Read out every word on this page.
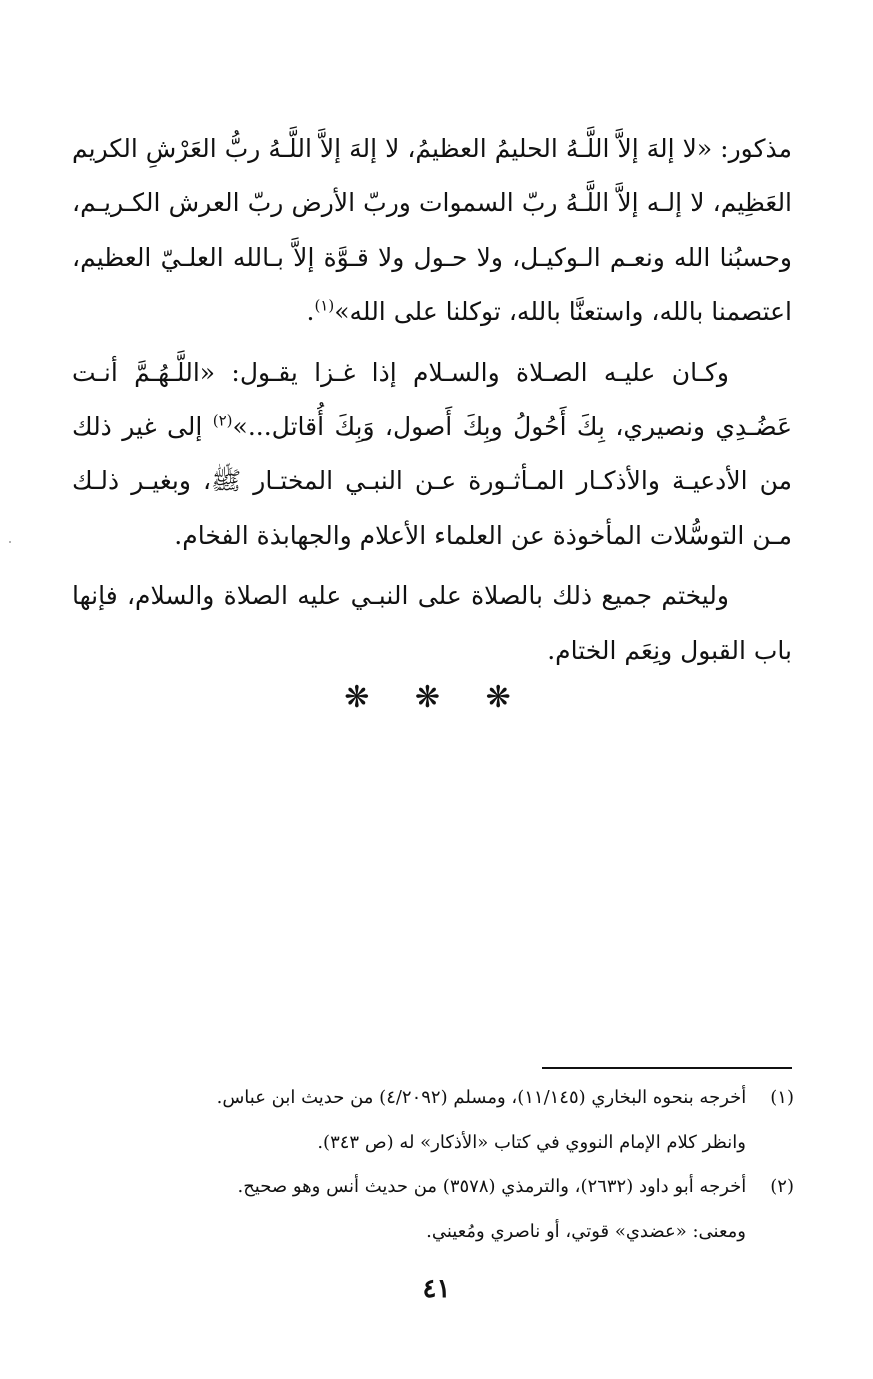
مذكور: «لا إلهَ إلاَّ اللَّـهُ الحليمُ العظيمُ، لا إلهَ إلاَّ اللَّـهُ ربُّ العَرْشِ الكريم العَظِيم، لا إلـه إلاَّ اللَّـهُ ربّ السموات وربّ الأرض ربّ العرش الكـريـم، وحسبُنا الله ونعـم الـوكيـل، ولا حـول ولا قـوَّة إلاَّ بـالله العلـيّ العظيم، اعتصمنا بالله، واستعنَّا بالله، توكلنا على الله»$^{(١)}$.

وكـان عليـه الصـلاة والسـلام إذا غـزا يقـول: «اللَّـهُـمَّ أنـت عَضُـدِي ونصيري، بِكَ أَحُولُ وبِكَ أَصول، وَبِكَ أُقاتل...»$^{(٢)}$ إلى غير ذلك من الأدعيـة والأذكـار المـأثـورة عـن النبـي المختـار ﷺ، وبغيـر ذلـك مـن التوسُّلات المأخوذة عن العلماء الأعلام والجهابذة الفخام.

وليختم جميع ذلك بالصلاة على النبـي عليه الصلاة والسلام، فإنها باب القبول ونِعَم الختام.

❋ ❋ ❋
(١) أخرجه بنحوه البخاري (١١/١٤٥)، ومسلم (٤/٢٠٩٢) من حديث ابن عباس.
وانظر كلام الإمام النووي في كتاب «الأذكار» له (ص ٣٤٣).
(٢) أخرجه أبو داود (٢٦٣٢)، والترمذي (٣٥٧٨) من حديث أنس وهو صحيح.
ومعنى: «عضدي» قوتي، أو ناصري ومُعيني.
٤١
